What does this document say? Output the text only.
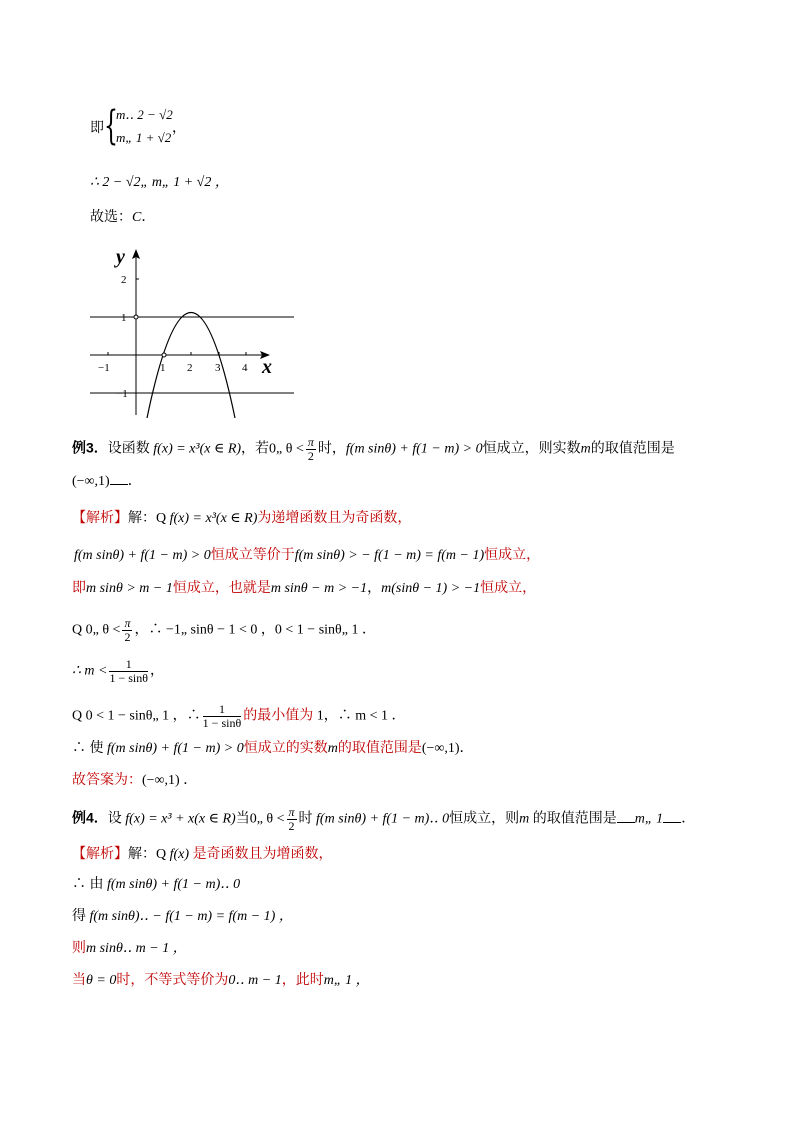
即 {
m‥ 2 − √2
m„ 1 + √2
，
∴ 2 − √2„ m„ 1 + √2 ，
故选：C．
y
x
−1	1 2 3 4
2
1
−1
例3．设函数 f(x) = x³(x ∈ R)，若0„ $\theta < \frac{\pi}{2}$ 时，f(m sinθ) + f(1 − m) > 0恒成立，则实数m的取值范围是
(−∞,1) ．
【解析】解：Q f(x) = x³(x ∈ R)为递增函数且为奇函数，
f(m sinθ) + f(1 − m) > 0恒成立等价于f(m sinθ) > − f(1 − m) = f(m − 1)恒成立，
即m sinθ > m − 1恒成立，也就是m sinθ − m > −1，m(sinθ − 1) > −1恒成立，
Q 0„ $\theta < \frac{\pi}{2}$ ，∴ −1„ sinθ − 1 < 0 ，0 < 1 − sinθ„ 1 ．
∴ $m < \frac{1}{1 - \sin\theta}$ ，
Q 0 < 1 − sinθ„ 1 ，∴ $\frac{1}{1 - \sin\theta}$ 的最小值为 1，∴ m < 1 ．
∴ 使 f(m sinθ) + f(1 − m) > 0恒成立的实数m的取值范围是(−∞,1)．
故答案为：(−∞,1) ．
例4．设 f(x) = x³ + x(x ∈ R)当0„ $\theta < \frac{\pi}{2}$ 时 f(m sinθ) + f(1 − m)‥ 0恒成立，则m 的取值范围是 m„ 1 ．
【解析】解：Q f(x) 是奇函数且为增函数，
∴ 由 f(m sinθ) + f(1 − m)‥ 0
得 f(m sinθ)‥ − f(1 − m) = f(m − 1) ，
则m sinθ‥ m − 1 ，
当θ = 0时，不等式等价为0‥ m − 1，此时m„ 1 ，
